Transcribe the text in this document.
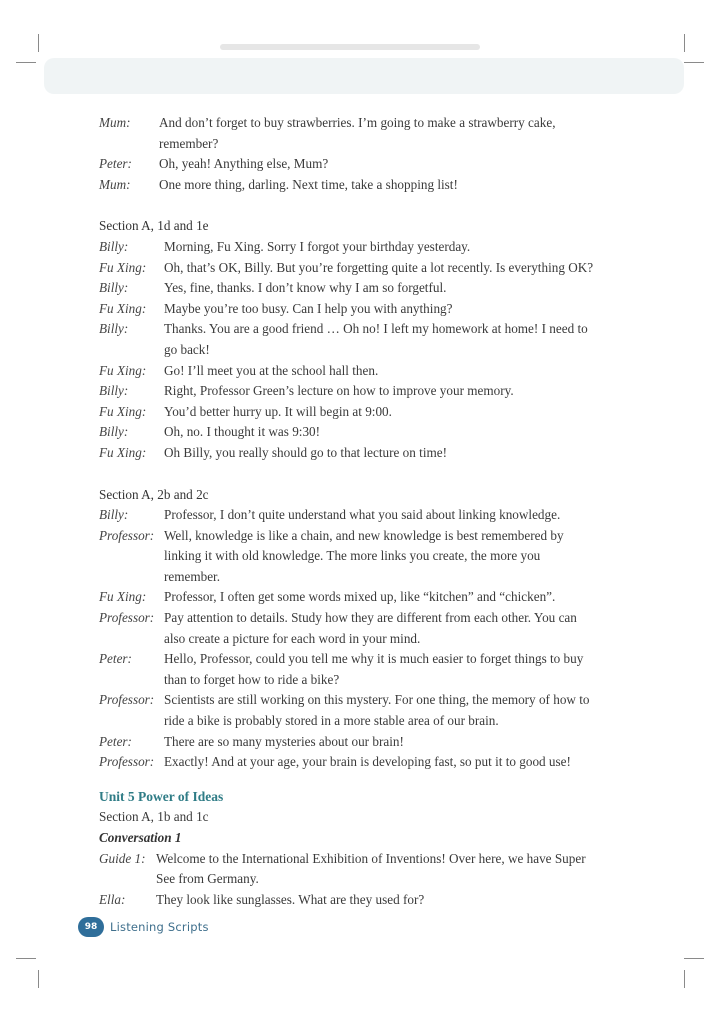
Mum:	And don’t forget to buy strawberries. I’m going to make a strawberry cake, remember?
Peter:	Oh, yeah! Anything else, Mum?
Mum:	One more thing, darling. Next time, take a shopping list!
Section A, 1d and 1e
Billy:	Morning, Fu Xing. Sorry I forgot your birthday yesterday.
Fu Xing:	Oh, that’s OK, Billy. But you’re forgetting quite a lot recently. Is everything OK?
Billy:	Yes, fine, thanks. I don’t know why I am so forgetful.
Fu Xing:	Maybe you’re too busy. Can I help you with anything?
Billy:	Thanks. You are a good friend … Oh no! I left my homework at home! I need to go back!
Fu Xing:	Go! I’ll meet you at the school hall then.
Billy:	Right, Professor Green’s lecture on how to improve your memory.
Fu Xing:	You’d better hurry up. It will begin at 9:00.
Billy:	Oh, no. I thought it was 9:30!
Fu Xing:	Oh Billy, you really should go to that lecture on time!
Section A, 2b and 2c
Billy:	Professor, I don’t quite understand what you said about linking knowledge.
Professor: Well, knowledge is like a chain, and new knowledge is best remembered by linking it with old knowledge. The more links you create, the more you remember.
Fu Xing:	Professor, I often get some words mixed up, like “kitchen” and “chicken”.
Professor: Pay attention to details. Study how they are different from each other. You can also create a picture for each word in your mind.
Peter:	Hello, Professor, could you tell me why it is much easier to forget things to buy than to forget how to ride a bike?
Professor: Scientists are still working on this mystery. For one thing, the memory of how to ride a bike is probably stored in a more stable area of our brain.
Peter:	There are so many mysteries about our brain!
Professor: Exactly! And at your age, your brain is developing fast, so put it to good use!
Unit 5 Power of Ideas
Section A, 1b and 1c
Conversation 1
Guide 1: Welcome to the International Exhibition of Inventions! Over here, we have Super See from Germany.
Ella:	They look like sunglasses. What are they used for?
98	Listening Scripts
